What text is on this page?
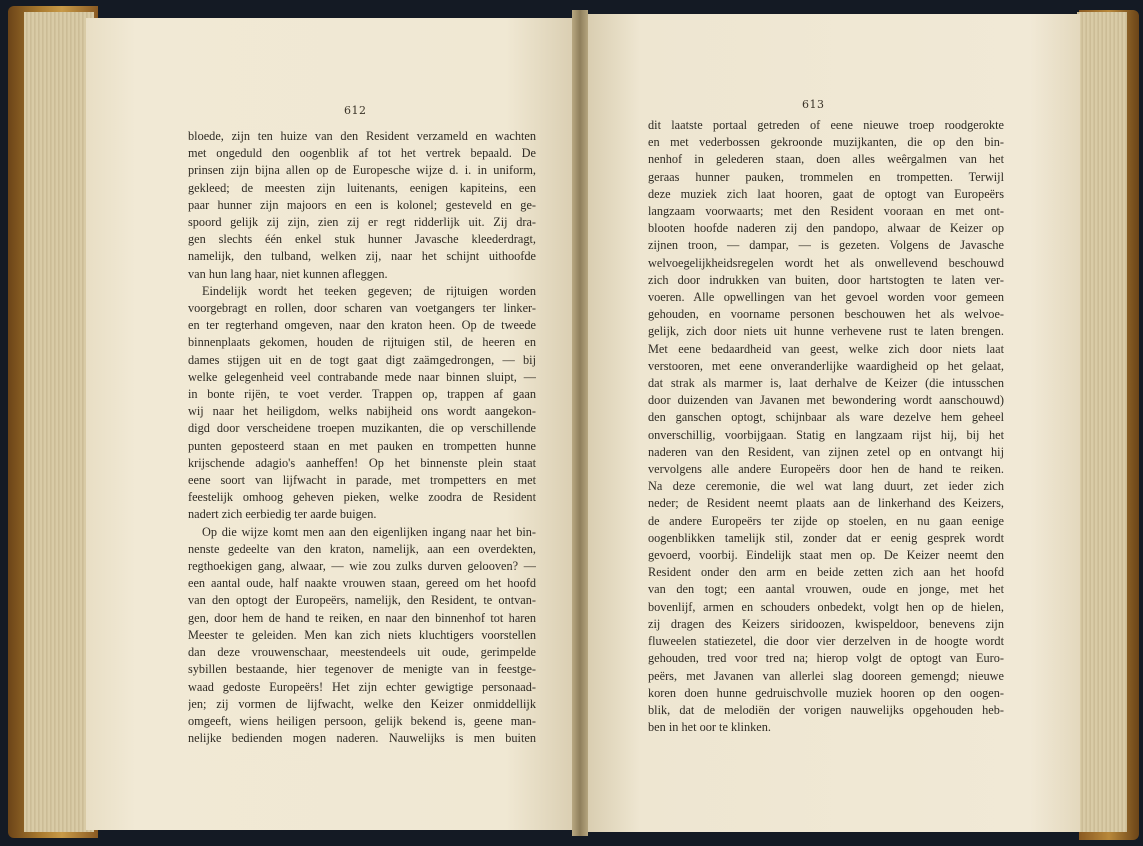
612
bloede, zijn ten huize van den Resident verzameld en wachten
met ongeduld den oogenblik af tot het vertrek bepaald. De
prinsen zijn bijna allen op de Europesche wijze d. i. in uniform,
gekleed; de meesten zijn luitenants, eenigen kapiteins, een
paar hunner zijn majoors en een is kolonel; gesteveld en ge-
spoord gelijk zij zijn, zien zij er regt ridderlijk uit. Zij dra-
gen slechts één enkel stuk hunner Javasche kleederdragt,
namelijk, den tulband, welken zij, naar het schijnt uithoofde
van hun lang haar, niet kunnen afleggen.
Eindelijk wordt het teeken gegeven; de rijtuigen worden
voorgebragt en rollen, door scharen van voetgangers ter linker-
en ter regterhand omgeven, naar den kraton heen. Op de tweede
binnenplaats gekomen, houden de rijtuigen stil, de heeren en
dames stijgen uit en de togt gaat digt zaämgedrongen, — bij
welke gelegenheid veel contrabande mede naar binnen sluipt, —
in bonte rijën, te voet verder. Trappen op, trappen af gaan
wij naar het heiligdom, welks nabijheid ons wordt aangekon-
digd door verscheidene troepen muzikanten, die op verschillende
punten geposteerd staan en met pauken en trompetten hunne
krijschende adagio's aanheffen! Op het binnenste plein staat
eene soort van lijfwacht in parade, met trompetters en met
feestelijk omhoog geheven pieken, welke zoodra de Resident
nadert zich eerbiedig ter aarde buigen.
Op die wijze komt men aan den eigenlijken ingang naar het bin-
nenste gedeelte van den kraton, namelijk, aan een overdekten,
regthoekigen gang, alwaar, — wie zou zulks durven gelooven? —
een aantal oude, half naakte vrouwen staan, gereed om het hoofd
van den optogt der Europeërs, namelijk, den Resident, te ontvan-
gen, door hem de hand te reiken, en naar den binnenhof tot haren
Meester te geleiden. Men kan zich niets kluchtigers voorstellen
dan deze vrouwenschaar, meestendeels uit oude, gerimpelde
sybillen bestaande, hier tegenover de menigte van in feestge-
waad gedoste Europeërs! Het zijn echter gewigtige personaad-
jen; zij vormen de lijfwacht, welke den Keizer onmiddellijk
omgeeft, wiens heiligen persoon, gelijk bekend is, geene man-
nelijke bedienden mogen naderen. Nauwelijks is men buiten
613
dit laatste portaal getreden of eene nieuwe troep roodgerokte
en met vederbossen gekroonde muzijkanten, die op den bin-
nenhof in gelederen staan, doen alles weêrgalmen van het
geraas hunner pauken, trommelen en trompetten. Terwijl
deze muziek zich laat hooren, gaat de optogt van Europeërs
langzaam voorwaarts; met den Resident vooraan en met ont-
blooten hoofde naderen zij den pandopo, alwaar de Keizer op
zijnen troon, — dampar, — is gezeten. Volgens de Javasche
welvoegelijkheidsregelen wordt het als onwellevend beschouwd
zich door indrukken van buiten, door hartstogten te laten ver-
voeren. Alle opwellingen van het gevoel worden voor gemeen
gehouden, en voorname personen beschouwen het als welvoe-
gelijk, zich door niets uit hunne verhevene rust te laten brengen.
Met eene bedaardheid van geest, welke zich door niets laat
verstooren, met eene onveranderlijke waardigheid op het gelaat,
dat strak als marmer is, laat derhalve de Keizer (die intusschen
door duizenden van Javanen met bewondering wordt aanschouwd)
den ganschen optogt, schijnbaar als ware dezelve hem geheel
onverschillig, voorbijgaan. Statig en langzaam rijst hij, bij het
naderen van den Resident, van zijnen zetel op en ontvangt hij
vervolgens alle andere Europeërs door hen de hand te reiken.
Na deze ceremonie, die wel wat lang duurt, zet ieder zich
neder; de Resident neemt plaats aan de linkerhand des Keizers,
de andere Europeërs ter zijde op stoelen, en nu gaan eenige
oogenblikken tamelijk stil, zonder dat er eenig gesprek wordt
gevoerd, voorbij. Eindelijk staat men op. De Keizer neemt den
Resident onder den arm en beide zetten zich aan het hoofd
van den togt; een aantal vrouwen, oude en jonge, met het
bovenlijf, armen en schouders onbedekt, volgt hen op de hielen,
zij dragen des Keizers siridoozen, kwispeldoor, benevens zijn
fluweelen statiezetel, die door vier derzelven in de hoogte wordt
gehouden, tred voor tred na; hierop volgt de optogt van Euro-
peërs, met Javanen van allerlei slag dooreen gemengd; nieuwe
koren doen hunne gedruischvolle muziek hooren op den oogen-
blik, dat de melodiën der vorigen nauwelijks opgehouden heb-
ben in het oor te klinken.
